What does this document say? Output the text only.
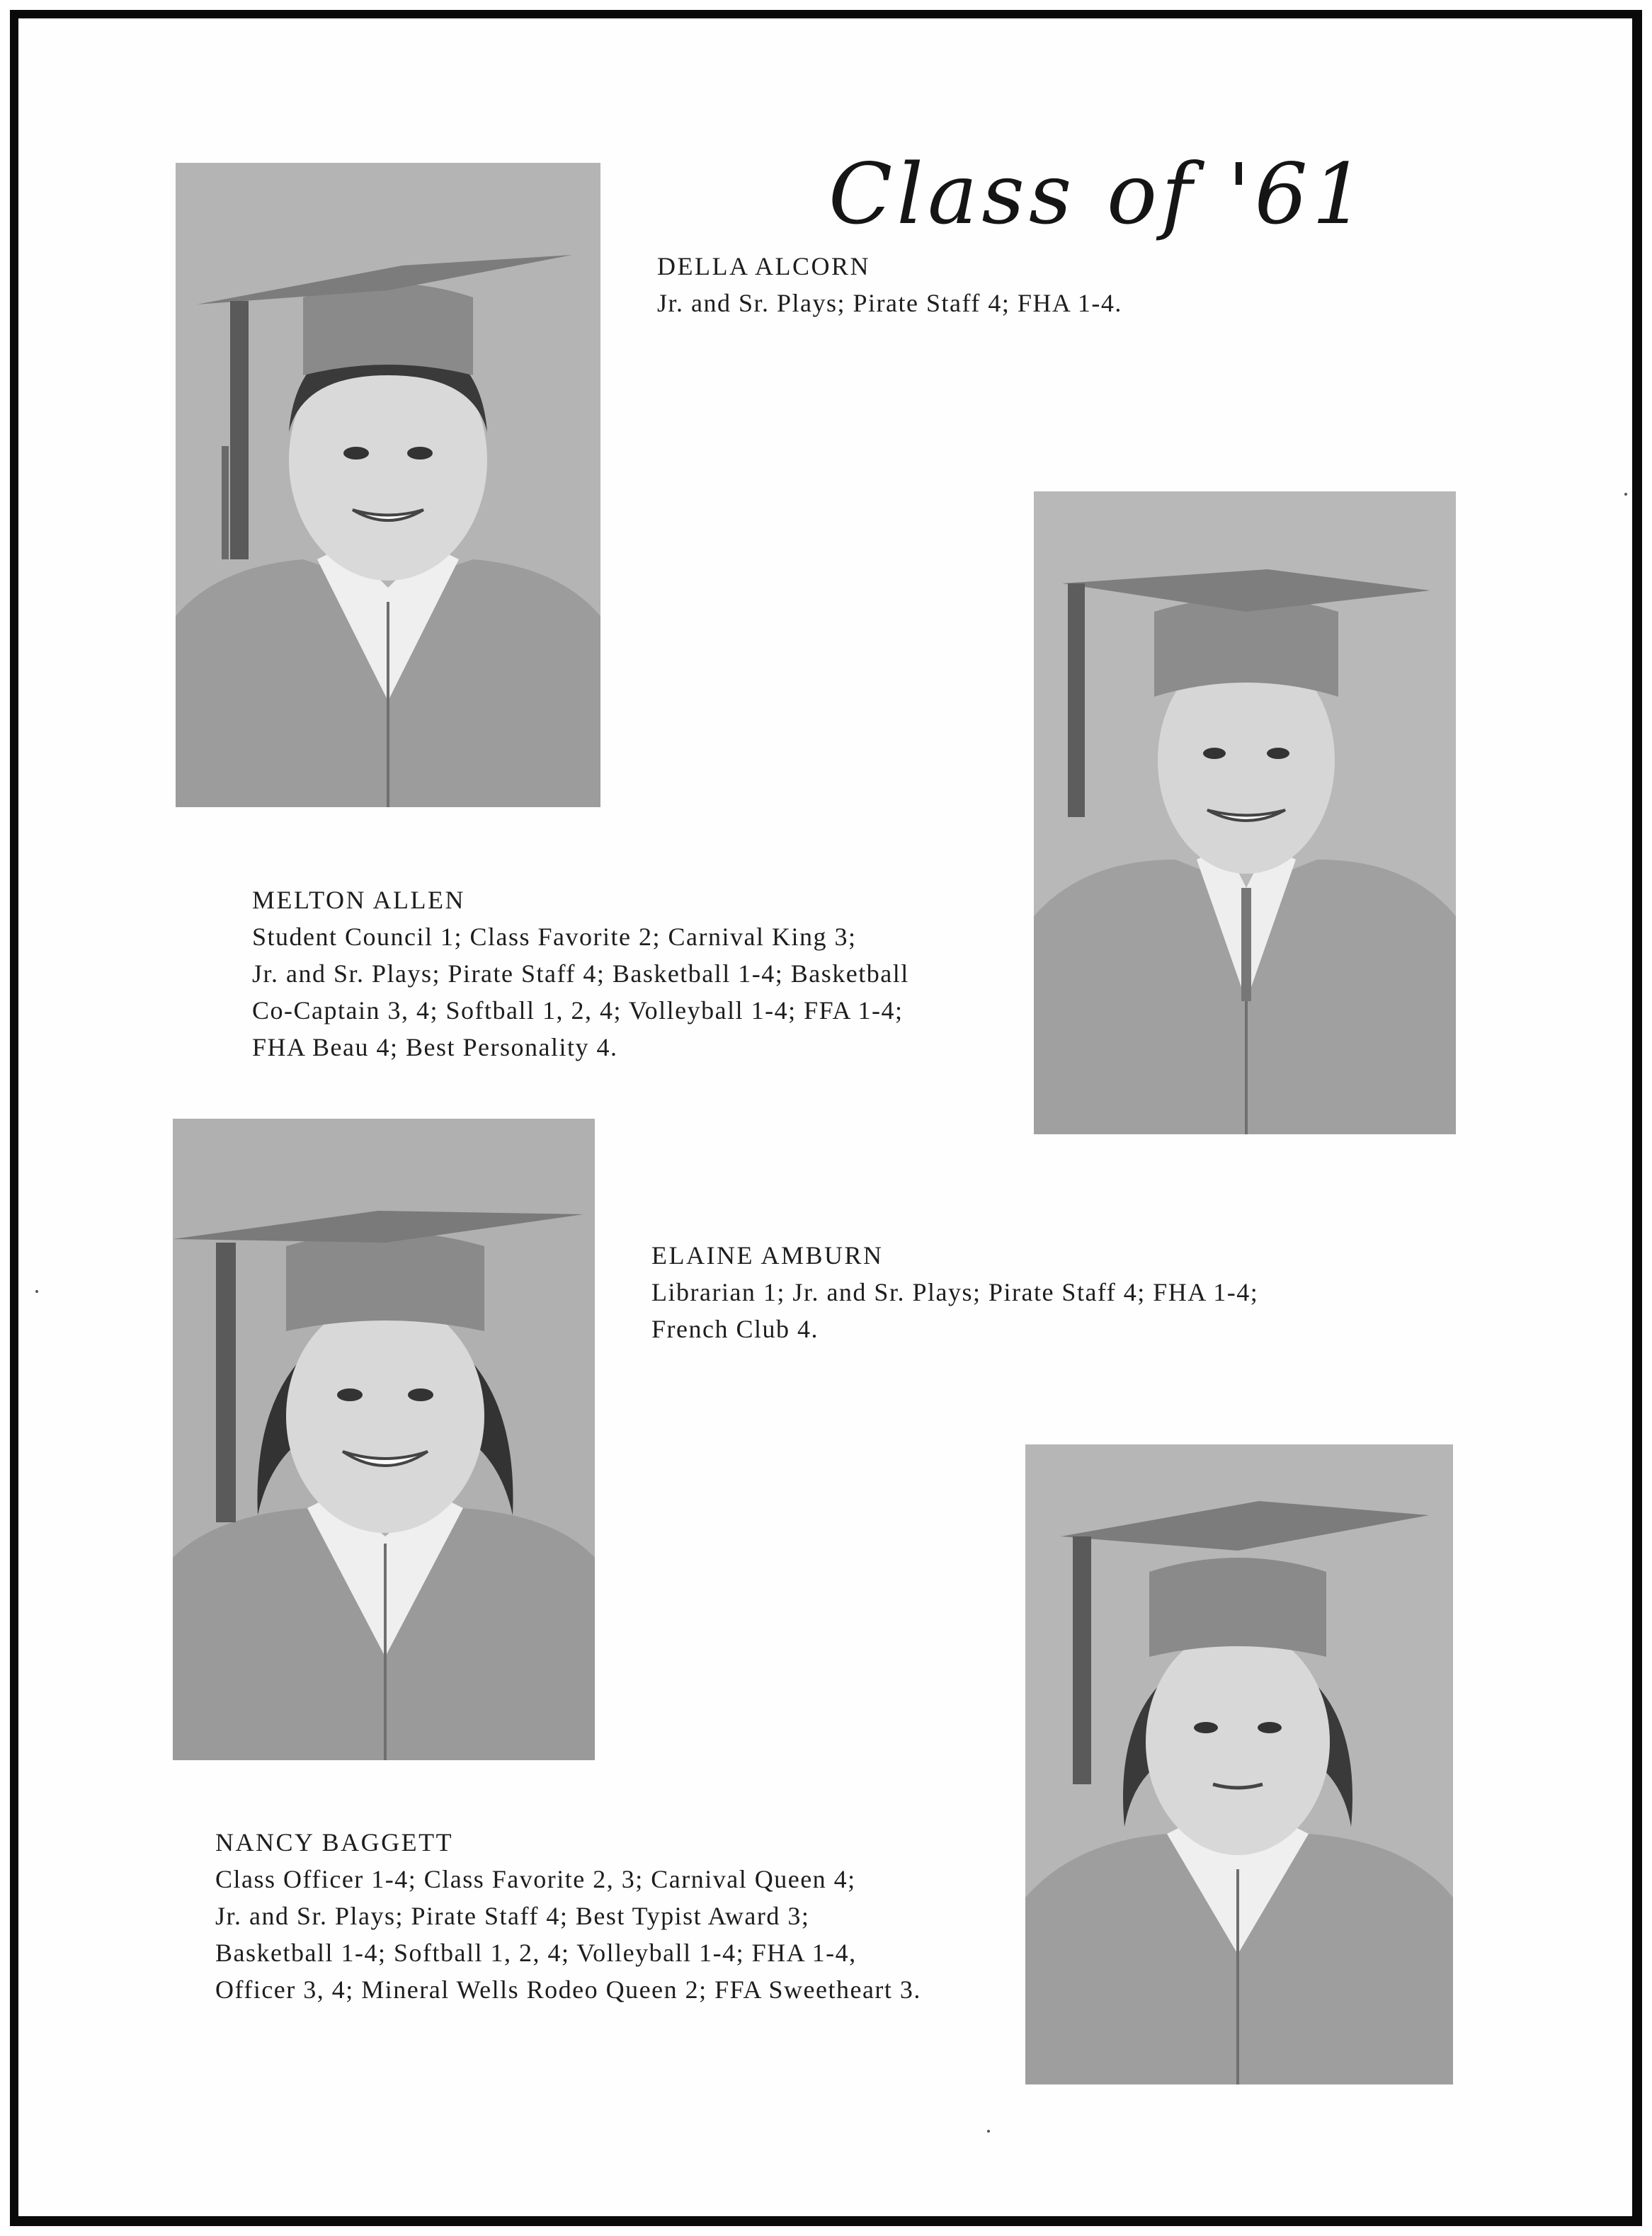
Class of '61
DELLA ALCORN
Jr. and Sr. Plays; Pirate Staff 4; FHA 1-4.
MELTON ALLEN
Student Council 1; Class Favorite 2; Carnival King 3;
Jr. and Sr. Plays; Pirate Staff 4; Basketball 1-4; Basketball
Co-Captain 3, 4; Softball 1, 2, 4; Volleyball 1-4; FFA 1-4;
FHA Beau 4; Best Personality 4.
ELAINE AMBURN
Librarian 1; Jr. and Sr. Plays; Pirate Staff 4; FHA 1-4;
French Club 4.
NANCY BAGGETT
Class Officer 1-4; Class Favorite 2, 3; Carnival Queen 4;
Jr. and Sr. Plays; Pirate Staff 4; Best Typist Award 3;
Basketball 1-4; Softball 1, 2, 4; Volleyball 1-4; FHA 1-4,
Officer 3, 4; Mineral Wells Rodeo Queen 2; FFA Sweetheart 3.
